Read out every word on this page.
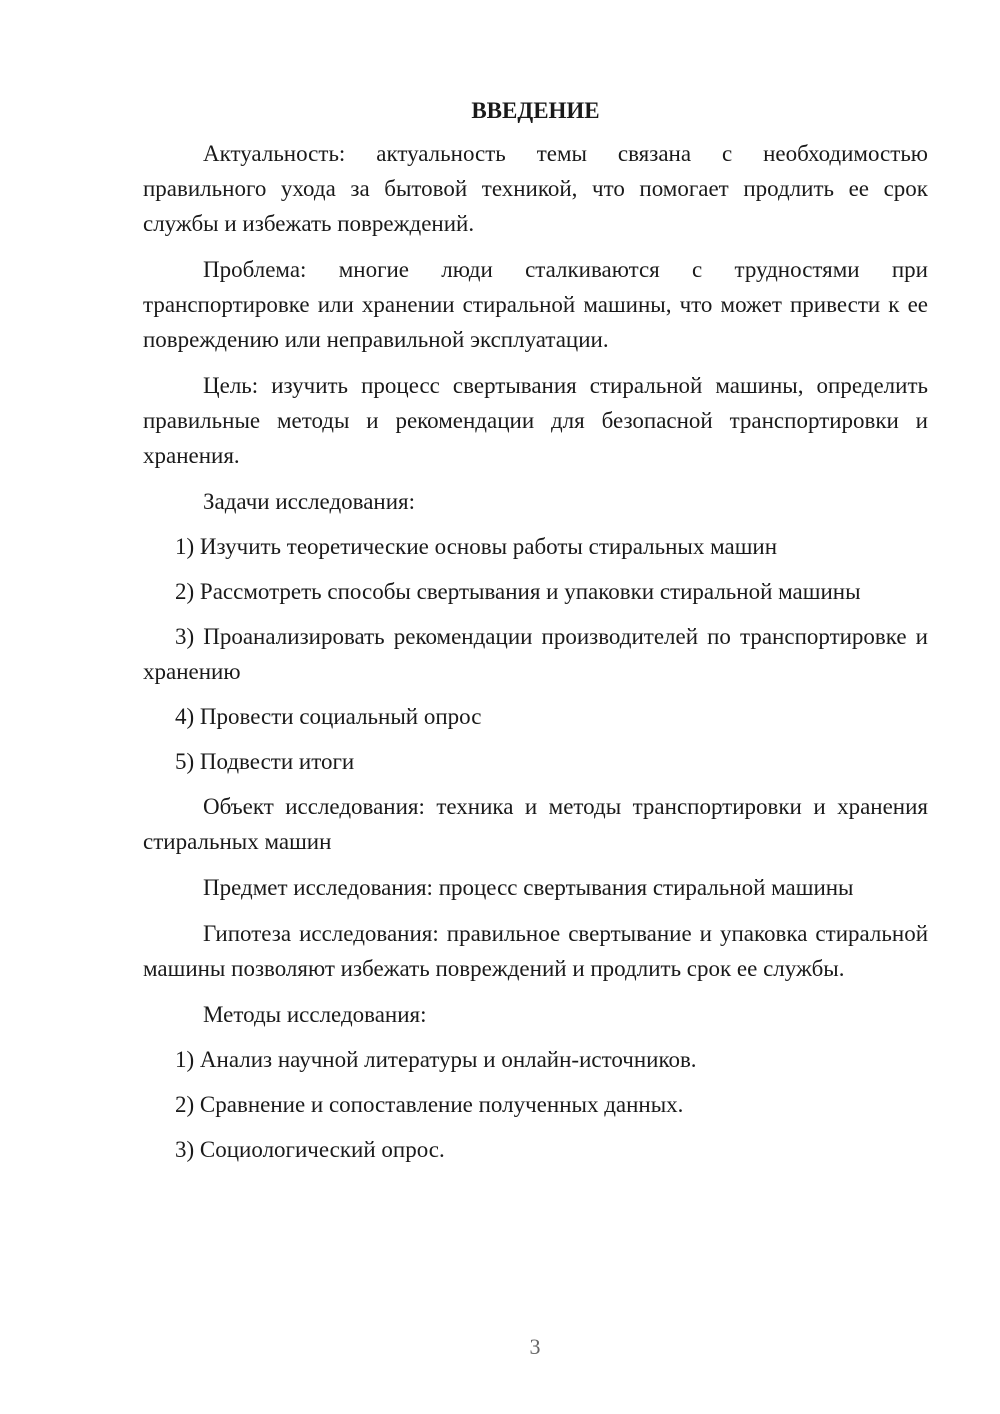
ВВЕДЕНИЕ

Актуальность: актуальность темы связана с необходимостью правильного ухода за бытовой техникой, что помогает продлить ее срок службы и избежать повреждений.

Проблема: многие люди сталкиваются с трудностями при транспортировке или хранении стиральной машины, что может привести к ее повреждению или неправильной эксплуатации.

Цель: изучить процесс свертывания стиральной машины, определить правильные методы и рекомендации для безопасной транспортировки и хранения.

Задачи исследования:

1) Изучить теоретические основы работы стиральных машин

2) Рассмотреть способы свертывания и упаковки стиральной машины

3) Проанализировать рекомендации производителей по транспортировке и хранению

4) Провести социальный опрос

5) Подвести итоги

Объект исследования: техника и методы транспортировки и хранения стиральных машин

Предмет исследования: процесс свертывания стиральной машины

Гипотеза исследования: правильное свертывание и упаковка стиральной машины позволяют избежать повреждений и продлить срок ее службы.

Методы исследования:

1) Анализ научной литературы и онлайн-источников.

2) Сравнение и сопоставление полученных данных.

3) Социологический опрос.

3
